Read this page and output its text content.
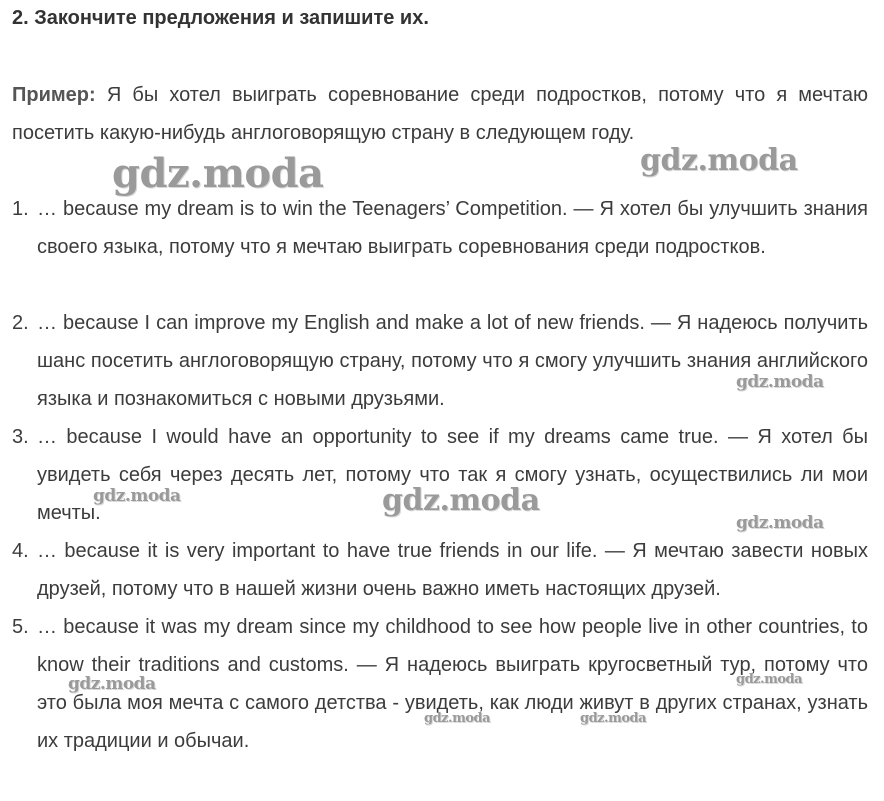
2. Закончите предложения и запишите их.
Пример: Я бы хотел выиграть соревнование среди подростков, потому что я мечтаю посетить какую-нибудь англоговорящую страну в следующем году.
1. … because my dream is to win the Teenagers’ Competition. — Я хотел бы улучшить знания своего языка, потому что я мечтаю выиграть соревнования среди подростков.
2. … because I can improve my English and make a lot of new friends. — Я надеюсь получить шанс посетить англоговорящую страну, потому что я смогу улучшить знания английского языка и познакомиться с новыми друзьями.
3. … because I would have an opportunity to see if my dreams came true. — Я хотел бы увидеть себя через десять лет, потому что так я смогу узнать, осуществились ли мои мечты.
4. … because it is very important to have true friends in our life. — Я мечтаю завести новых друзей, потому что в нашей жизни очень важно иметь настоящих друзей.
5. … because it was my dream since my childhood to see how people live in other countries, to know their traditions and customs. — Я надеюсь выиграть кругосветный тур, потому что это была моя мечта с самого детства - увидеть, как люди живут в других странах, узнать их традиции и обычаи.
gdz.moda	gdz.moda
gdz.moda
gdz.moda	gdz.moda
gdz.moda
gdz.moda	gdz.moda
gdz.moda	gdz.moda
